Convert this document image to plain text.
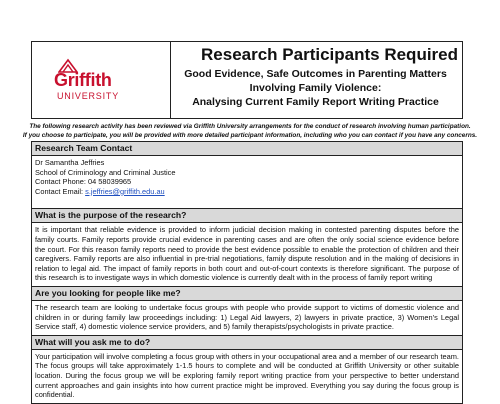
Griffith
UNIVERSITY
Research Participants Required
Good Evidence, Safe Outcomes in Parenting Matters
Involving Family Violence:
Analysing Current Family Report Writing Practice
The following research activity has been reviewed via Griffith University arrangements for the conduct of research involving human participation.
If you choose to participate, you will be provided with more detailed participant information, including who you can contact if you have any concerns.
Research Team Contact
Dr Samantha Jeffries
School of Criminology and Criminal Justice
Contact Phone: 04 58039965
Contact Email: s.jeffries@griffith.edu.au
What is the purpose of the research?

It is important that reliable evidence is provided to inform judicial decision making in contested parenting disputes before the family courts. Family reports provide crucial evidence in parenting cases and are often the only social science evidence before the court. For this reason family reports need to provide the best evidence possible to enable the protection of children and their caregivers. Family reports are also influential in pre-trial negotiations, family dispute resolution and in the making of decisions in relation to legal aid. The impact of family reports in both court and out-of-court contexts is therefore significant. The purpose of this research is to investigate ways in which domestic violence is currently dealt with in the process of family report writing

Are you looking for people like me?

The research team are looking to undertake focus groups with people who provide support to victims of domestic violence and children in or during family law proceedings including: 1) Legal Aid lawyers, 2) lawyers in private practice, 3) Women’s Legal Service staff, 4) domestic violence service providers, and 5) family therapists/psychologists in private practice.

What will you ask me to do?

Your participation will involve completing a focus group with others in your occupational area and a member of our research team. The focus groups will take approximately 1-1.5 hours to complete and will be conducted at Griffith University or other suitable location. During the focus group we will be exploring family report writing practice from your perspective to better understand current approaches and gain insights into how current practice might be improved. Everything you say during the focus group is confidential.
